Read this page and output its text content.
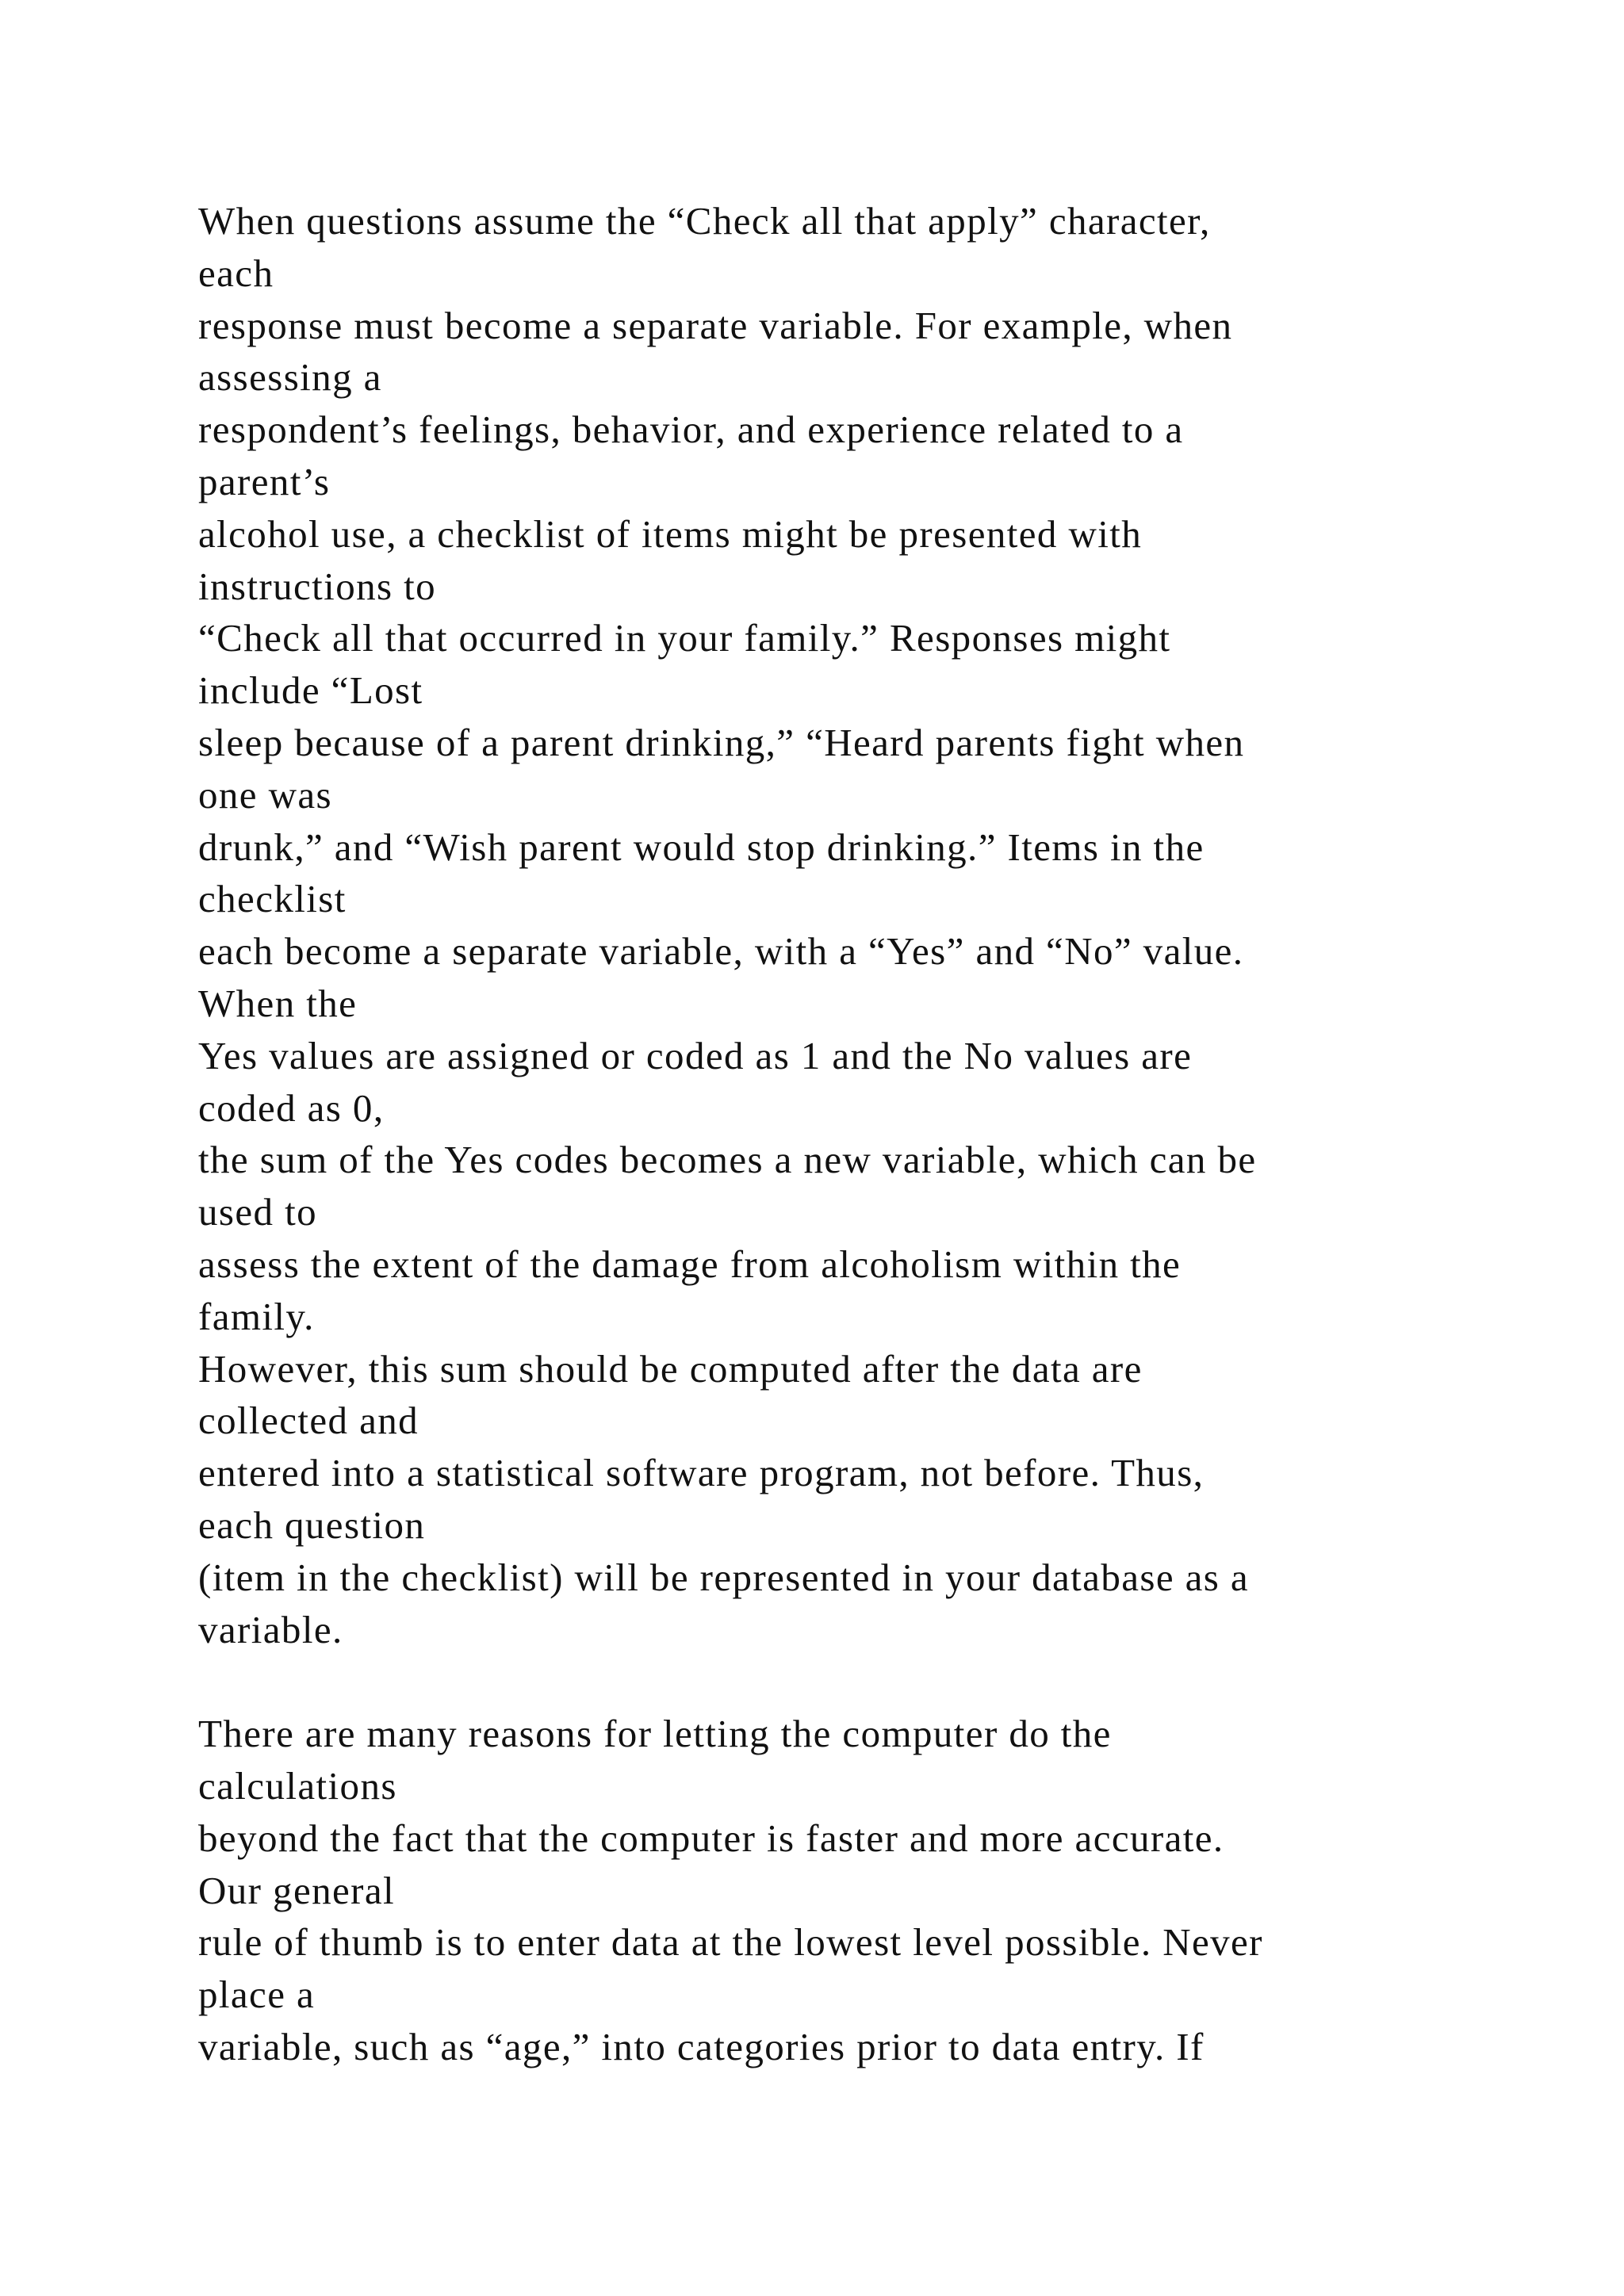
When questions assume the “Check all that apply” character,
each
response must become a separate variable. For example, when
assessing a
respondent’s feelings, behavior, and experience related to a
parent’s
alcohol use, a checklist of items might be presented with
instructions to
“Check all that occurred in your family.” Responses might
include “Lost
sleep because of a parent drinking,” “Heard parents fight when
one was
drunk,” and “Wish parent would stop drinking.” Items in the
checklist
each become a separate variable, with a “Yes” and “No” value.
When the
Yes values are assigned or coded as 1 and the No values are
coded as 0,
the sum of the Yes codes becomes a new variable, which can be
used to
assess the extent of the damage from alcoholism within the
family.
However, this sum should be computed after the data are
collected and
entered into a statistical software program, not before. Thus,
each question
(item in the checklist) will be represented in your database as a
variable.
There are many reasons for letting the computer do the
calculations
beyond the fact that the computer is faster and more accurate.
Our general
rule of thumb is to enter data at the lowest level possible. Never
place a
variable, such as “age,” into categories prior to data entry. If
